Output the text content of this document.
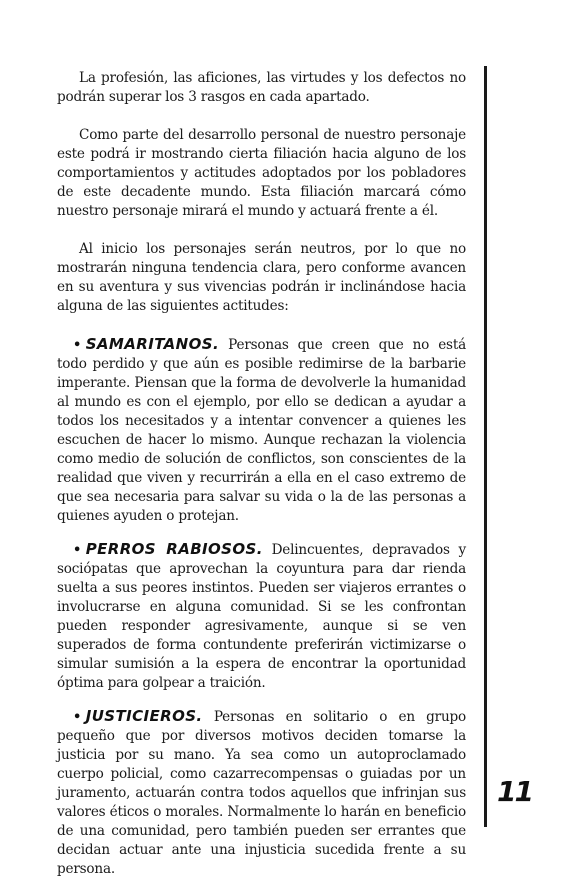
La profesión, las aficiones, las virtudes y los defectos no podrán superar los 3 rasgos en cada apartado.

Como parte del desarrollo personal de nuestro personaje este podrá ir mostrando cierta filiación hacia alguno de los comportamientos y actitudes adoptados por los pobladores de este decadente mundo. Esta filiación marcará cómo nuestro personaje mirará el mundo y actuará frente a él.

Al inicio los personajes serán neutros, por lo que no mostrarán ninguna tendencia clara, pero conforme avancen en su aventura y sus vivencias podrán ir inclinándose hacia alguna de las siguientes actitudes:

• SAMARITANOS. Personas que creen que no está todo perdido y que aún es posible redimirse de la barbarie imperante. Piensan que la forma de devolverle la humanidad al mundo es con el ejemplo, por ello se dedican a ayudar a todos los necesitados y a intentar convencer a quienes les escuchen de hacer lo mismo. Aunque rechazan la violencia como medio de solución de conflictos, son conscientes de la realidad que viven y recurrirán a ella en el caso extremo de que sea necesaria para salvar su vida o la de las personas a quienes ayuden o protejan.

• PERROS RABIOSOS. Delincuentes, depravados y sociópatas que aprovechan la coyuntura para dar rienda suelta a sus peores instintos. Pueden ser viajeros errantes o involucrarse en alguna comunidad. Si se les confrontan pueden responder agresivamente, aunque si se ven superados de forma contundente preferirán victimizarse o simular sumisión a la espera de encontrar la oportunidad óptima para golpear a traición.

• JUSTICIEROS. Personas en solitario o en grupo pequeño que por diversos motivos deciden tomarse la justicia por su mano. Ya sea como un autoproclamado cuerpo policial, como cazarrecompensas o guiadas por un juramento, actuarán contra todos aquellos que infrinjan sus valores éticos o morales. Normalmente lo harán en beneficio de una comunidad, pero también pueden ser errantes que decidan actuar ante una injusticia sucedida frente a su persona.

11
